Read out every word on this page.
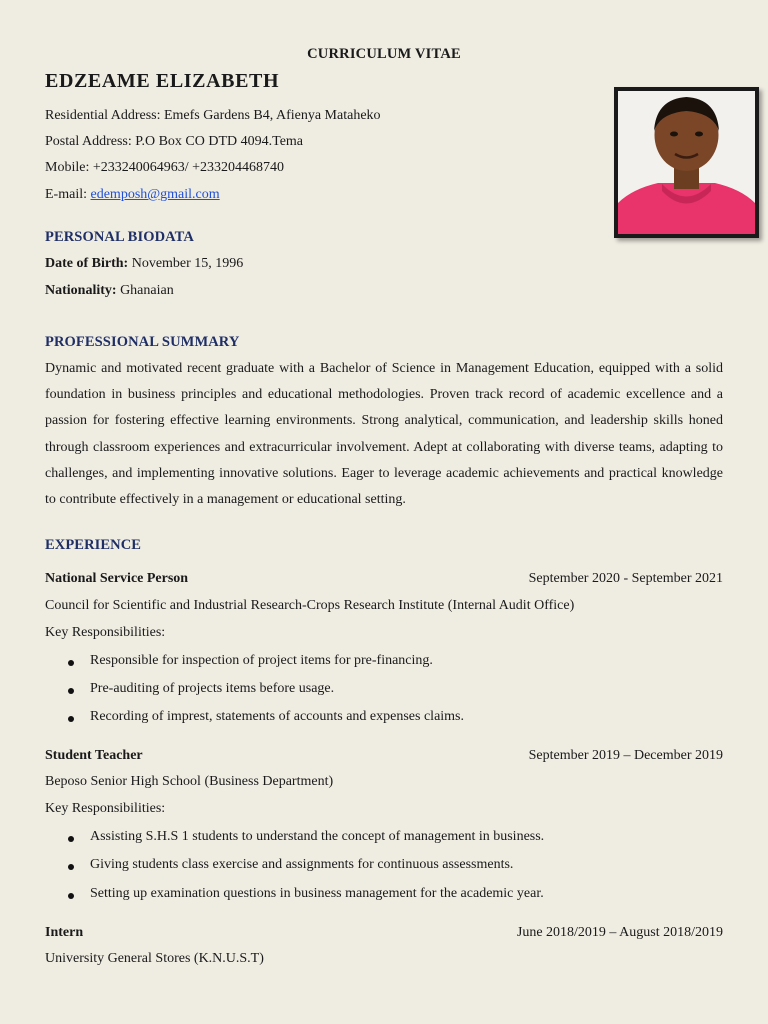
CURRICULUM VITAE
EDZEAME ELIZABETH
Residential Address: Emefs Gardens B4, Afienya Mataheko
Postal Address: P.O Box CO DTD 4094.Tema
Mobile: +233240064963/ +233204468740
E-mail: edemposh@gmail.com
PERSONAL BIODATA
Date of Birth: November 15, 1996
Nationality: Ghanaian
PROFESSIONAL SUMMARY
Dynamic and motivated recent graduate with a Bachelor of Science in Management Education, equipped with a solid foundation in business principles and educational methodologies. Proven track record of academic excellence and a passion for fostering effective learning environments. Strong analytical, communication, and leadership skills honed through classroom experiences and extracurricular involvement. Adept at collaborating with diverse teams, adapting to challenges, and implementing innovative solutions. Eager to leverage academic achievements and practical knowledge to contribute effectively in a management or educational setting.
EXPERIENCE
National Service Person	September 2020 - September 2021
Council for Scientific and Industrial Research-Crops Research Institute (Internal Audit Office)
Key Responsibilities:
Responsible for inspection of project items for pre-financing.
Pre-auditing of projects items before usage.
Recording of imprest, statements of accounts and expenses claims.
Student Teacher	September 2019 – December 2019
Beposo Senior High School (Business Department)
Key Responsibilities:
Assisting S.H.S 1 students to understand the concept of management in business.
Giving students class exercise and assignments for continuous assessments.
Setting up examination questions in business management for the academic year.
Intern	June 2018/2019 – August 2018/2019
University General Stores (K.N.U.S.T)
